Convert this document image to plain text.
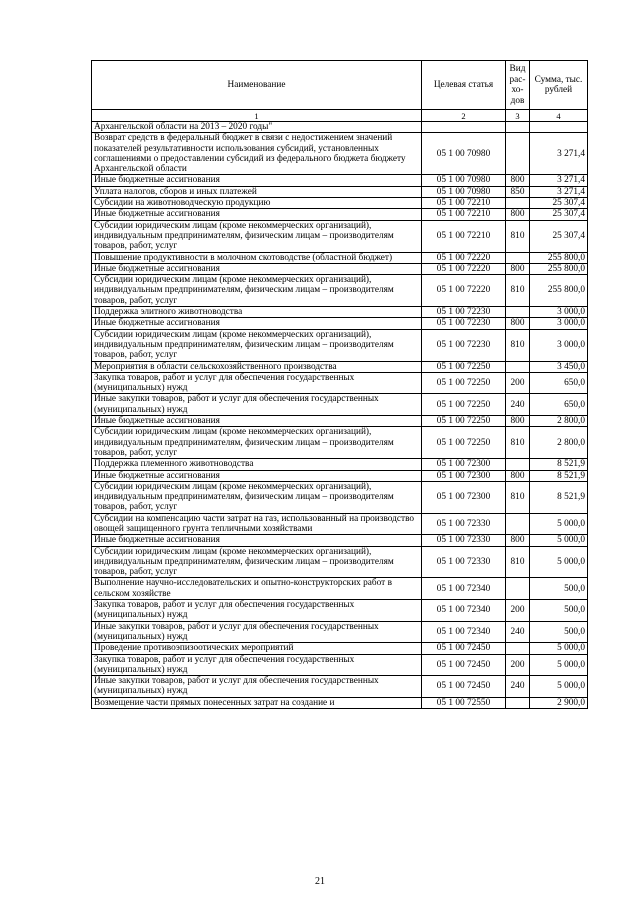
Наименование	Целевая статья	Вид рас- хо- дов	Сумма, тыс. рублей
1	2	3	4
Архангельской области на 2013 – 2020 годы"			
Возврат средств в федеральный бюджет в связи с недостижением значений показателей результативности использования субсидий, установленных соглашениями о предоставлении субсидий из федерального бюджета бюджету Архангельской области	05 1 00 70980		3 271,4
Иные бюджетные ассигнования	05 1 00 70980	800	3 271,4
Уплата налогов, сборов и иных платежей	05 1 00 70980	850	3 271,4
Субсидии на животноводческую продукцию	05 1 00 72210		25 307,4
Иные бюджетные ассигнования	05 1 00 72210	800	25 307,4
Субсидии юридическим лицам (кроме некоммерческих организаций), индивидуальным предпринимателям, физическим лицам – производителям товаров, работ, услуг	05 1 00 72210	810	25 307,4
Повышение продуктивности в молочном скотоводстве (областной бюджет)	05 1 00 72220		255 800,0
Иные бюджетные ассигнования	05 1 00 72220	800	255 800,0
Субсидии юридическим лицам (кроме некоммерческих организаций), индивидуальным предпринимателям, физическим лицам – производителям товаров, работ, услуг	05 1 00 72220	810	255 800,0
Поддержка элитного животноводства	05 1 00 72230		3 000,0
Иные бюджетные ассигнования	05 1 00 72230	800	3 000,0
Субсидии юридическим лицам (кроме некоммерческих организаций), индивидуальным предпринимателям, физическим лицам – производителям товаров, работ, услуг	05 1 00 72230	810	3 000,0
Мероприятия в области сельскохозяйственного производства	05 1 00 72250		3 450,0
Закупка товаров, работ и услуг для обеспечения государственных (муниципальных) нужд	05 1 00 72250	200	650,0
Иные закупки товаров, работ и услуг для обеспечения государственных (муниципальных) нужд	05 1 00 72250	240	650,0
Иные бюджетные ассигнования	05 1 00 72250	800	2 800,0
Субсидии юридическим лицам (кроме некоммерческих организаций), индивидуальным предпринимателям, физическим лицам – производителям товаров, работ, услуг	05 1 00 72250	810	2 800,0
Поддержка племенного животноводства	05 1 00 72300		8 521,9
Иные бюджетные ассигнования	05 1 00 72300	800	8 521,9
Субсидии юридическим лицам (кроме некоммерческих организаций), индивидуальным предпринимателям, физическим лицам – производителям товаров, работ, услуг	05 1 00 72300	810	8 521,9
Субсидии на компенсацию части затрат на газ, использованный на производство овощей защищенного грунта тепличными хозяйствами	05 1 00 72330		5 000,0
Иные бюджетные ассигнования	05 1 00 72330	800	5 000,0
Субсидии юридическим лицам (кроме некоммерческих организаций), индивидуальным предпринимателям, физическим лицам – производителям товаров, работ, услуг	05 1 00 72330	810	5 000,0
Выполнение научно-исследовательских и опытно-конструкторских работ в сельском хозяйстве	05 1 00 72340		500,0
Закупка товаров, работ и услуг для обеспечения государственных (муниципальных) нужд	05 1 00 72340	200	500,0
Иные закупки товаров, работ и услуг для обеспечения государственных (муниципальных) нужд	05 1 00 72340	240	500,0
Проведение противоэпизоотических мероприятий	05 1 00 72450		5 000,0
Закупка товаров, работ и услуг для обеспечения государственных (муниципальных) нужд	05 1 00 72450	200	5 000,0
Иные закупки товаров, работ и услуг для обеспечения государственных (муниципальных) нужд	05 1 00 72450	240	5 000,0
Возмещение части прямых понесенных затрат на создание и	05 1 00 72550		2 900,0
21
